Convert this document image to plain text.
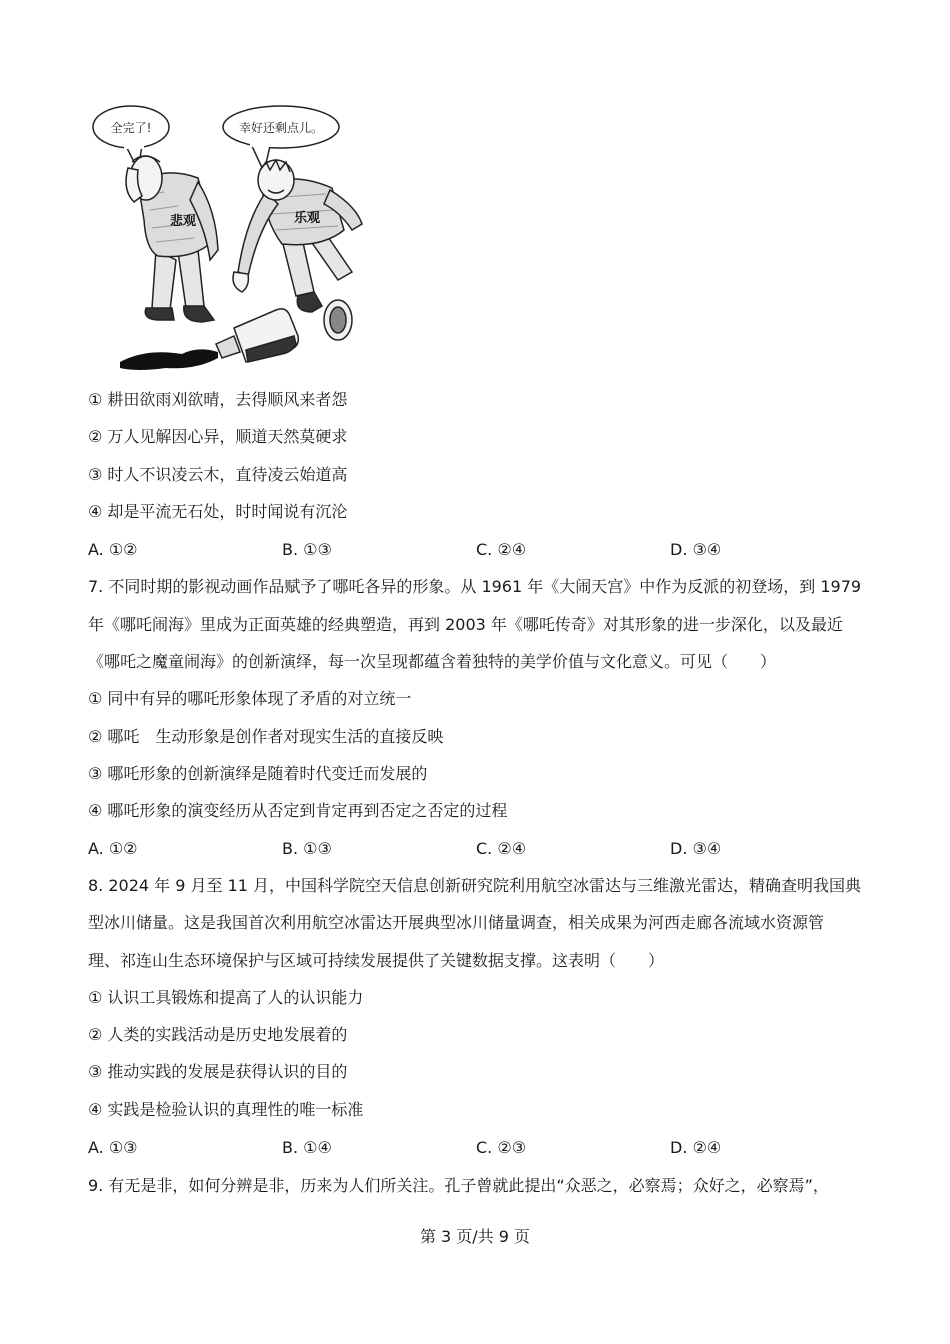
全完了!	幸好还剩点儿。
悲观	乐观
① 耕田欲雨刈欲晴，去得顺风来者怨
② 万人见解因心异，顺道天然莫硬求
③ 时人不识凌云木，直待凌云始道高
④ 却是平流无石处，时时闻说有沉沦
A. ①②	B. ①③	C. ②④	D. ③④
7. 不同时期的影视动画作品赋予了哪吒各异的形象。从 1961 年《大闹天宫》中作为反派的初登场，到 1979
年《哪吒闹海》里成为正面英雄的经典塑造，再到 2003 年《哪吒传奇》对其形象的进一步深化，以及最近
《哪吒之魔童闹海》的创新演绎，每一次呈现都蕴含着独特的美学价值与文化意义。可见（　　）
① 同中有异的哪吒形象体现了矛盾的对立统一
② 哪吒　生动形象是创作者对现实生活的直接反映
③ 哪吒形象的创新演绎是随着时代变迁而发展的
④ 哪吒形象的演变经历从否定到肯定再到否定之否定的过程
A. ①②	B. ①③	C. ②④	D. ③④
8. 2024 年 9 月至 11 月，中国科学院空天信息创新研究院利用航空冰雷达与三维激光雷达，精确查明我国典
型冰川储量。这是我国首次利用航空冰雷达开展典型冰川储量调查，相关成果为河西走廊各流域水资源管
理、祁连山生态环境保护与区域可持续发展提供了关键数据支撑。这表明（　　）
① 认识工具锻炼和提高了人的认识能力
② 人类的实践活动是历史地发展着的
③ 推动实践的发展是获得认识的目的
④ 实践是检验认识的真理性的唯一标准
A. ①③	B. ①④	C. ②③	D. ②④
9. 有无是非，如何分辨是非，历来为人们所关注。孔子曾就此提出“众恶之，必察焉；众好之，必察焉”，
第 3 页/共 9 页
